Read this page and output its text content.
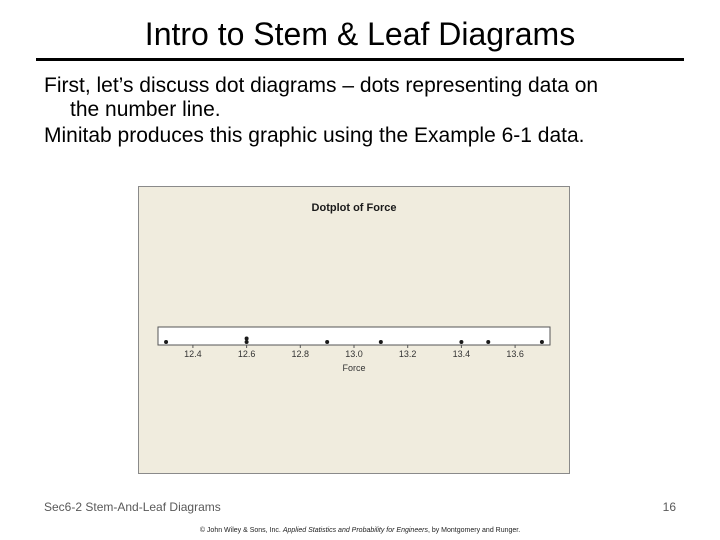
Intro to Stem & Leaf Diagrams

First, let’s discuss dot diagrams – dots representing data on

the number line.

Minitab produces this graphic using the Example 6-1 data.

Dotplot of Force
12.4	12.6	12.8	13.0	13.2	13.4	13.6
Force
Sec6-2 Stem-And-Leaf Diagrams	16
© John Wiley & Sons, Inc. Applied Statistics and Probability for Engineers, by Montgomery and Runger.
